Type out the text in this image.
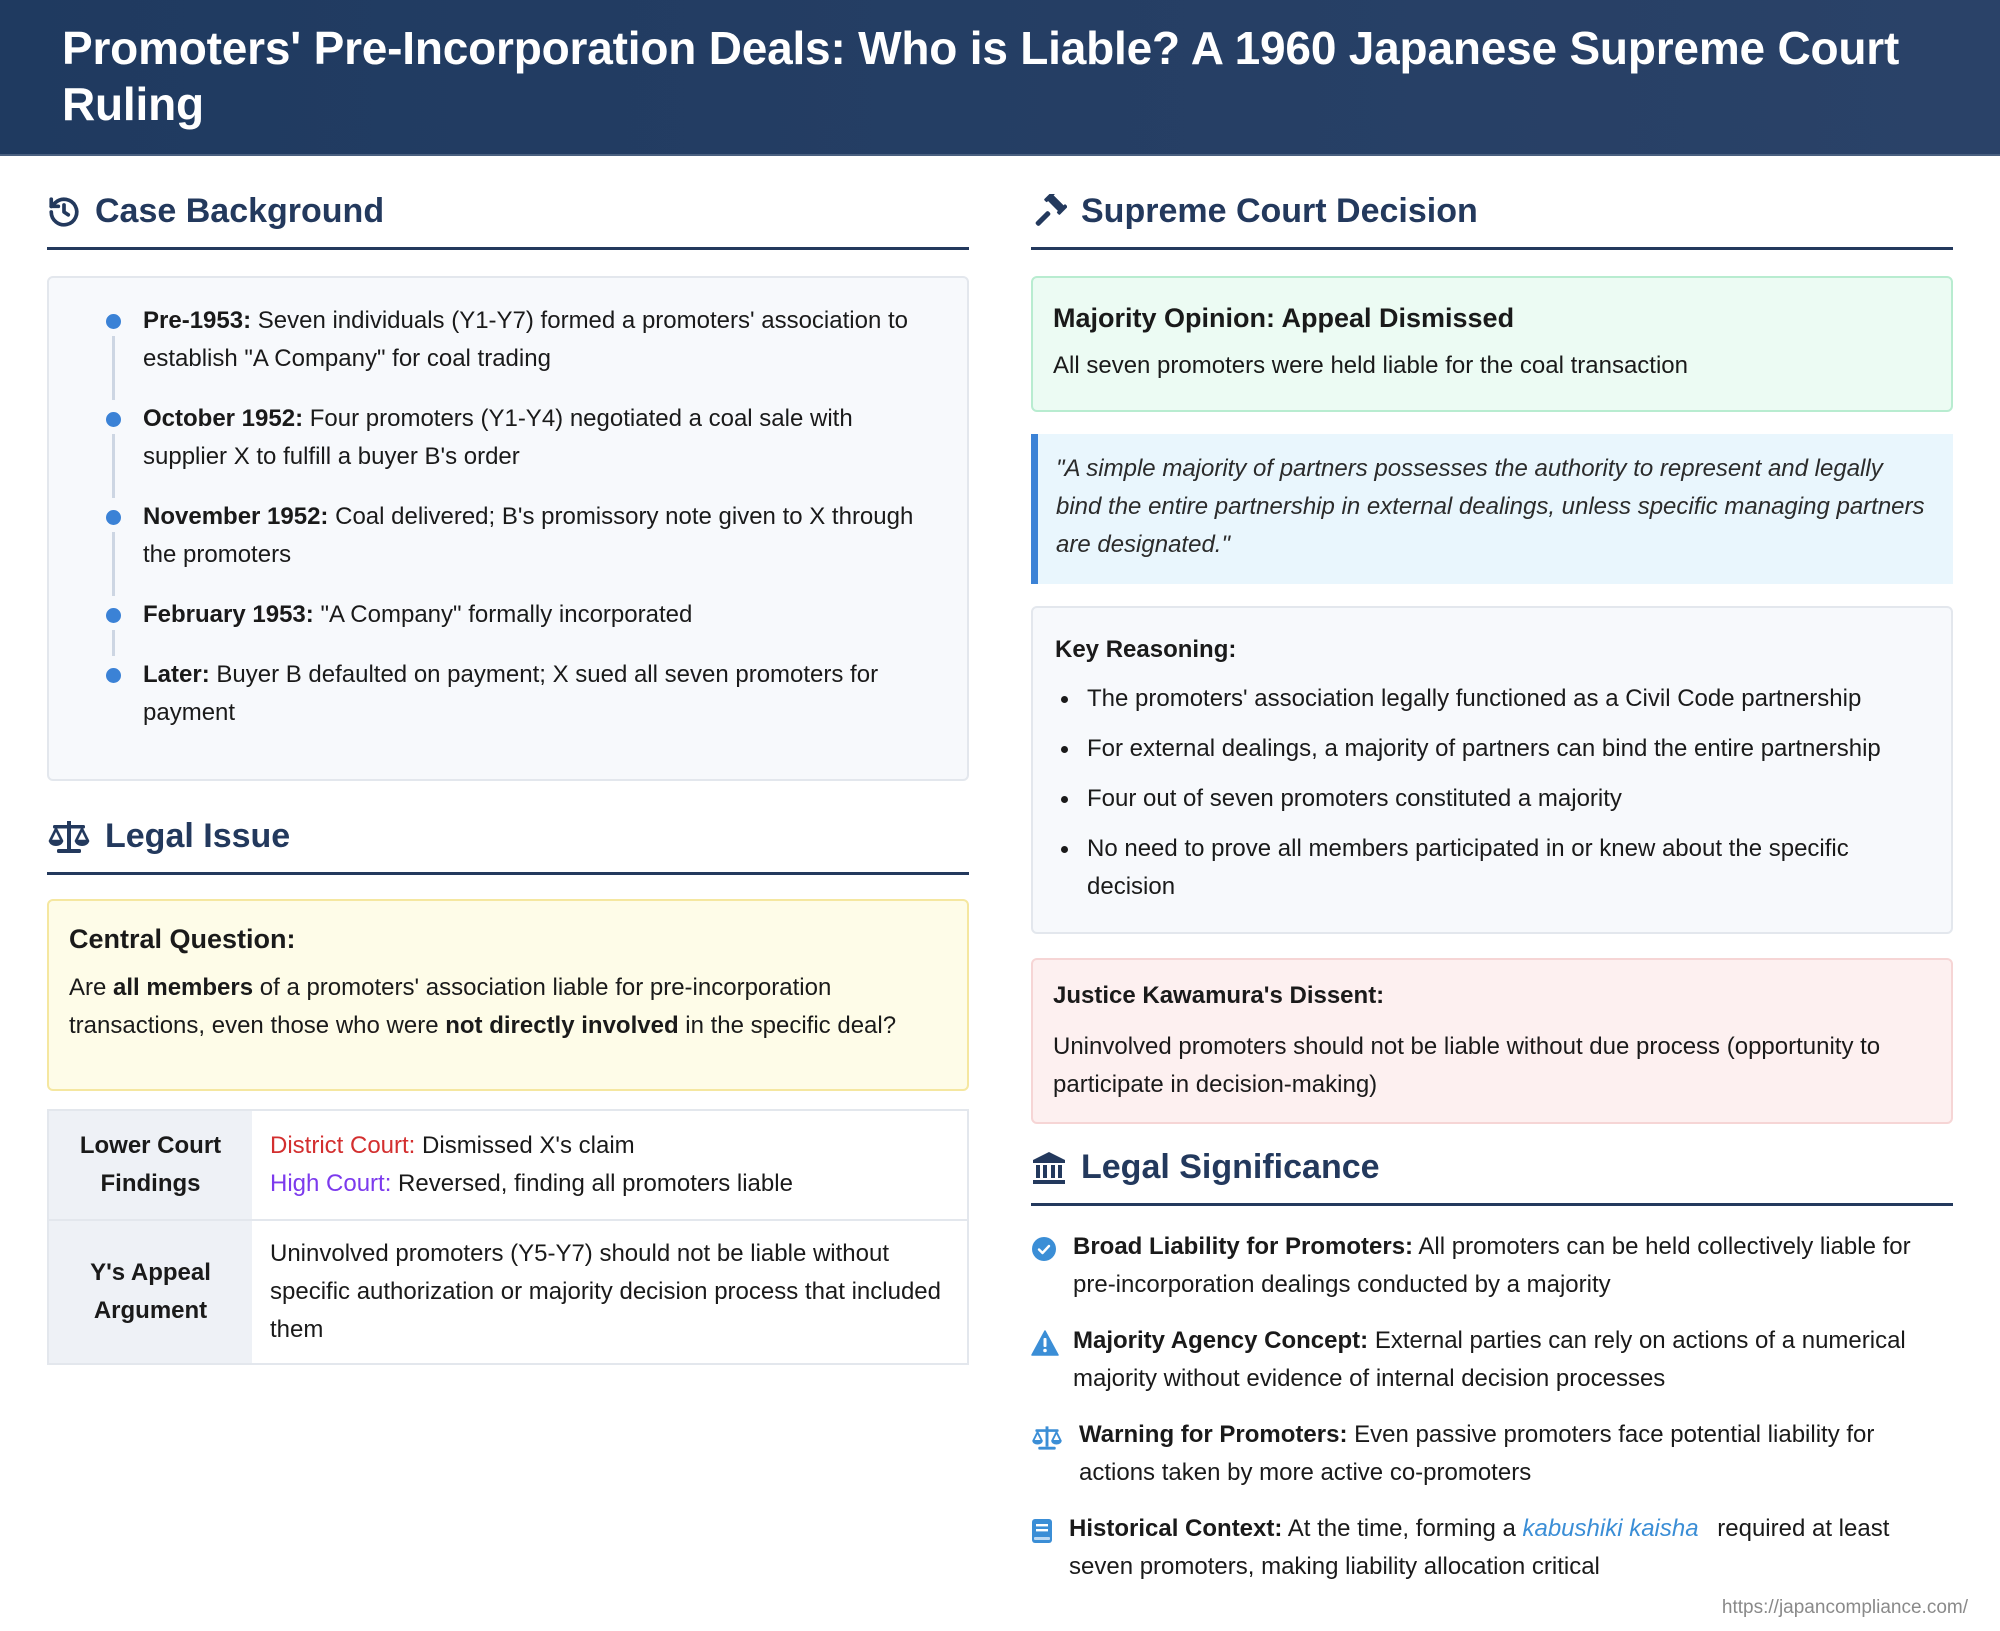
Promoters' Pre-Incorporation Deals: Who is Liable? A 1960 Japanese Supreme Court Ruling
Case Background
Pre-1953: Seven individuals (Y1-Y7) formed a promoters' association to establish "A Company" for coal trading
October 1952: Four promoters (Y1-Y4) negotiated a coal sale with supplier X to fulfill a buyer B's order
November 1952: Coal delivered; B's promissory note given to X through the promoters
February 1953: "A Company" formally incorporated
Later: Buyer B defaulted on payment; X sued all seven promoters for payment
Legal Issue
Central Question:

Are all members of a promoters' association liable for pre-incorporation transactions, even those who were not directly involved in the specific deal?

Lower Court Findings	District Court: Dismissed X's claim
High Court: Reversed, finding all promoters liable

Y's Appeal Argument	Uninvolved promoters (Y5-Y7) should not be liable without specific authorization or majority decision process that included them
Supreme Court Decision
Majority Opinion: Appeal Dismissed

All seven promoters were held liable for the coal transaction

"A simple majority of partners possesses the authority to represent and legally bind the entire partnership in external dealings, unless specific managing partners are designated."
Key Reasoning:
The promoters' association legally functioned as a Civil Code partnership
For external dealings, a majority of partners can bind the entire partnership
Four out of seven promoters constituted a majority
No need to prove all members participated in or knew about the specific decision
Justice Kawamura's Dissent:

Uninvolved promoters should not be liable without due process (opportunity to participate in decision-making)

Legal Significance
Broad Liability for Promoters: All promoters can be held collectively liable for pre-incorporation dealings conducted by a majority
Majority Agency Concept: External parties can rely on actions of a numerical majority without evidence of internal decision processes
Warning for Promoters: Even passive promoters face potential liability for actions taken by more active co-promoters
Historical Context: At the time, forming a kabushiki kaisha required at least seven promoters, making liability allocation critical
https://japancompliance.com/
